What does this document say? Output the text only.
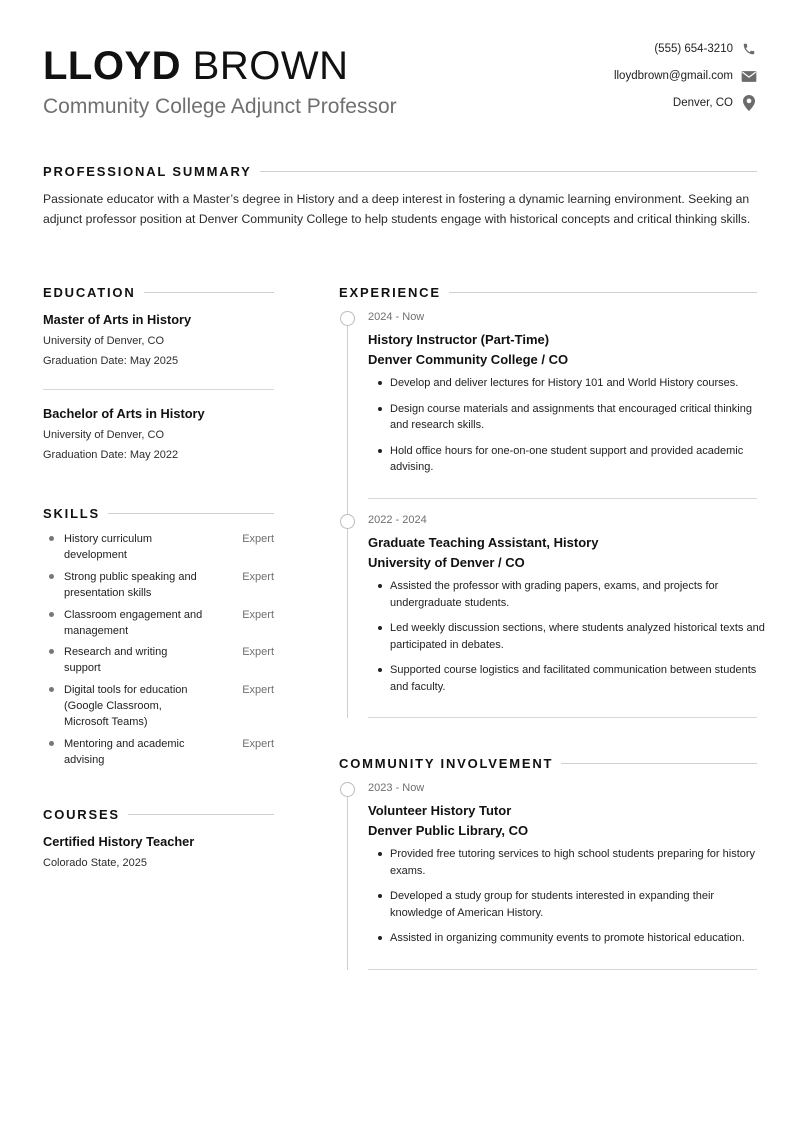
LLOYD BROWN
Community College Adjunct Professor
(555) 654-3210
lloydbrown@gmail.com
Denver, CO
PROFESSIONAL SUMMARY
Passionate educator with a Master’s degree in History and a deep interest in fostering a dynamic learning environment. Seeking an adjunct professor position at Denver Community College to help students engage with historical concepts and critical thinking skills.
EDUCATION
Master of Arts in History
University of Denver, CO
Graduation Date: May 2025
Bachelor of Arts in History
University of Denver, CO
Graduation Date: May 2022
SKILLS
History curriculum development
Expert
Strong public speaking and presentation skills
Expert
Classroom engagement and management
Expert
Research and writing support
Expert
Digital tools for education (Google Classroom, Microsoft Teams)
Expert
Mentoring and academic advising
Expert
COURSES
Certified History Teacher
Colorado State, 2025
EXPERIENCE
2024 - Now
History Instructor (Part-Time)
Denver Community College / CO
Develop and deliver lectures for History 101 and World History courses.
Design course materials and assignments that encouraged critical thinking and research skills.
Hold office hours for one-on-one student support and provided academic advising.
2022 - 2024
Graduate Teaching Assistant, History
University of Denver / CO
Assisted the professor with grading papers, exams, and projects for undergraduate students.
Led weekly discussion sections, where students analyzed historical texts and participated in debates.
Supported course logistics and facilitated communication between students and faculty.
COMMUNITY INVOLVEMENT
2023 - Now
Volunteer History Tutor
Denver Public Library, CO
Provided free tutoring services to high school students preparing for history exams.
Developed a study group for students interested in expanding their knowledge of American History.
Assisted in organizing community events to promote historical education.
